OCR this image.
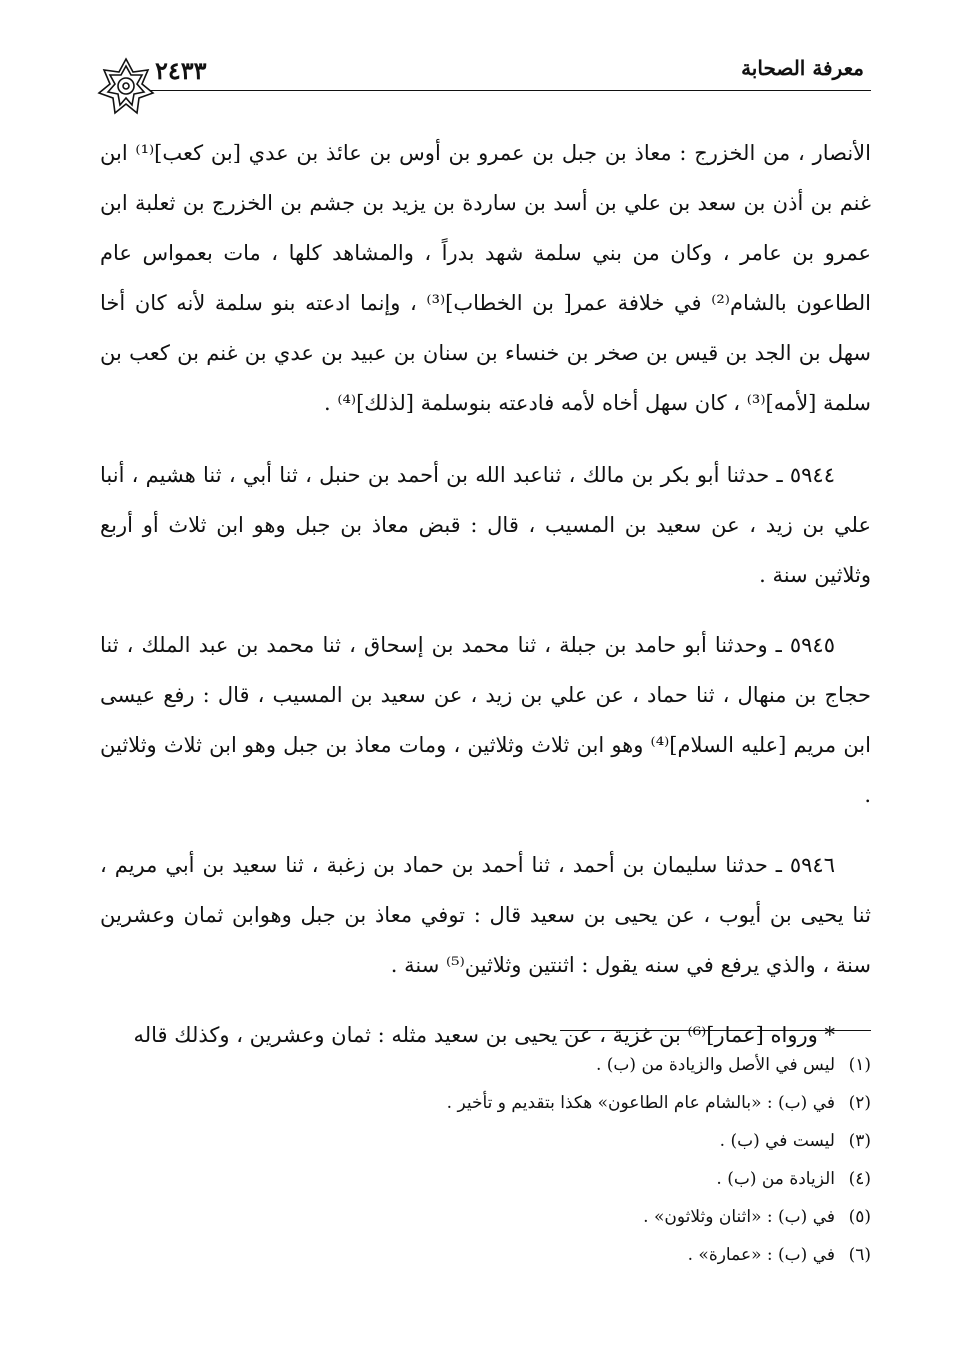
معرفة الصحابة
٢٤٣٣

الأنصار ، من الخزرج : معاذ بن جبل بن عمرو بن أوس بن عائذ بن عدي [بن كعب]⁽¹⁾ ابن غنم بن أذن بن سعد بن علي بن أسد بن ساردة بن يزيد بن جشم بن الخزرج بن ثعلبة ابن عمرو بن عامر ، وكان من بني سلمة شهد بدراً ، والمشاهد كلها ، مات بعمواس عام الطاعون بالشام⁽²⁾ في خلافة عمر[ بن الخطاب]⁽³⁾ ، وإنما ادعته بنو سلمة لأنه كان أخا سهل بن الجد بن قيس بن صخر بن خنساء بن سنان بن عبيد بن عدي بن غنم بن كعب بن سلمة [لأمه]⁽³⁾ ، كان سهل أخاه لأمه فادعته بنوسلمة [لذلك]⁽⁴⁾ .

٥٩٤٤ ـ حدثنا أبو بكر بن مالك ، ثناعبد الله بن أحمد بن حنبل ، ثنا أبي ، ثنا هشيم ، أنبا علي بن زيد ، عن سعيد بن المسيب ، قال : قبض معاذ بن جبل وهو ابن ثلاث أو أربع وثلاثين سنة .

٥٩٤٥ ـ وحدثنا أبو حامد بن جبلة ، ثنا محمد بن إسحاق ، ثنا محمد بن عبد الملك ، ثنا حجاج بن منهال ، ثنا حماد ، عن علي بن زيد ، عن سعيد بن المسيب ، قال : رفع عيسى ابن مريم [عليه السلام]⁽⁴⁾ وهو ابن ثلاث وثلاثين ، ومات معاذ بن جبل وهو ابن ثلاث وثلاثين .

٥٩٤٦ ـ حدثنا سليمان بن أحمد ، ثنا أحمد بن حماد بن زغبة ، ثنا سعيد بن أبي مريم ، ثنا يحيى بن أيوب ، عن يحيى بن سعيد قال : توفي معاذ بن جبل وهوابن ثمان وعشرين سنة ، والذي يرفع في سنه يقول : اثنتين وثلاثين⁽⁵⁾ سنة .

* ورواه [عمار]⁽⁶⁾ بن غزية ، عن يحيى بن سعيد مثله : ثمان وعشرين ، وكذلك قاله

(١)ليس في الأصل والزيادة من (ب) .
(٢)في (ب) : «بالشام عام الطاعون» هكذا بتقديم و تأخير .
(٣)ليست في (ب) .
(٤)الزيادة من (ب) .
(٥)في (ب) : «اثنان وثلاثون» .
(٦)في (ب) : «عمارة» .
